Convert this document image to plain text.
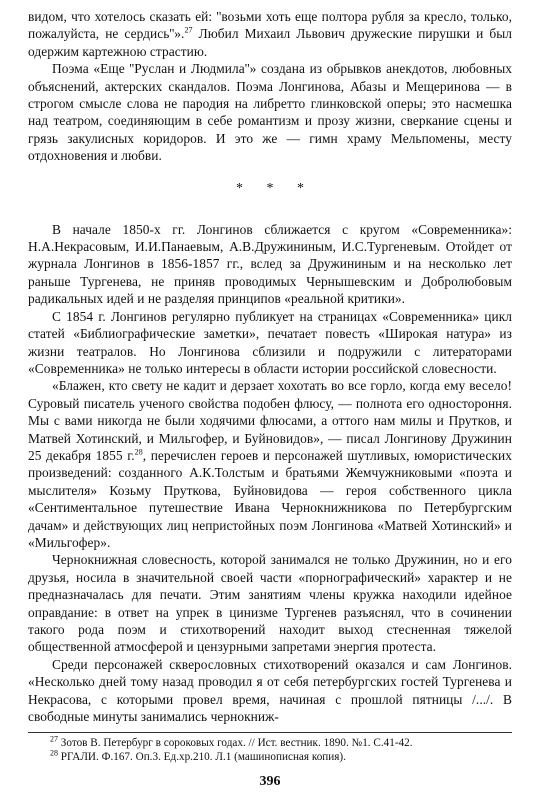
видом, что хотелось сказать ей: ''возьми хоть еще полтора рубля за кресло, только, пожалуйста, не сердись''».$^{27}$ Любил Михаил Львович дружеские пирушки и был одержим картежною страстию.

Поэма «Еще ''Руслан и Людмила''» создана из обрывков анекдотов, любовных объяснений, актерских скандалов. Поэма Лонгинова, Абазы и Мещеринова — в строгом смысле слова не пародия на либретто глинковской оперы; это насмешка над театром, соединяющим в себе романтизм и прозу жизни, сверкание сцены и грязь закулисных коридоров. И это же — гимн храму Мельпомены, месту отдохновения и любви.

* * *

В начале 1850-х гг. Лонгинов сближается с кругом «Современника»: Н.А.Некрасовым, И.И.Панаевым, А.В.Дружининым, И.С.Тургеневым. Отойдет от журнала Лонгинов в 1856-1857 гг., вслед за Дружининым и на несколько лет раньше Тургенева, не приняв проводимых Чернышевским и Добролюбовым радикальных идей и не разделяя принципов «реальной критики».

С 1854 г. Лонгинов регулярно публикует на страницах «Современника» цикл статей «Библиографические заметки», печатает повесть «Широкая натура» из жизни театралов. Но Лонгинова сблизили и подружили с литераторами «Современника» не только интересы в области истории российской словесности.

«Блажен, кто свету не кадит и дерзает хохотать во все горло, когда ему весело! Суровый писатель ученого свойства подобен флюсу, — полнота его одностороння. Мы с вами никогда не были ходячими флюсами, а оттого нам милы и Прутков, и Матвей Хотинский, и Мильгофер, и Буйновидов», — писал Лонгинову Дружинин 25 декабря 1855 г.$^{28}$, перечислен героев и персонажей шутливых, юмористических произведений: созданного А.К.Толстым и братьями Жемчужниковыми «поэта и мыслителя» Козьму Пруткова, Буйновидова — героя собственного цикла «Сентиментальное путешествие Ивана Чернокнижникова по Петербургским дачам» и действующих лиц непристойных поэм Лонгинова «Матвей Хотинский» и «Мильгофер».

Чернокнижная словесность, которой занимался не только Дружинин, но и его друзья, носила в значительной своей части «порнографический» характер и не предназначалась для печати. Этим занятиям члены кружка находили идейное оправдание: в ответ на упрек в цинизме Тургенев разъяснял, что в сочинении такого рода поэм и стихотворений находит выход стесненная тяжелой общественной атмосферой и цензурными запретами энергия протеста.

Среди персонажей скверословных стихотворений оказался и сам Лонгинов. «Несколько дней тому назад проводил я от себя петербургских гостей Тургенева и Некрасова, с которыми провел время, начиная с прошлой пятницы /.../. В свободные минуты занимались чернокниж-

$^{27}$ Зотов В. Петербург в сороковых годах. // Ист. вестник. 1890. №1. С.41-42.

$^{28}$ РГАЛИ. Ф.167. Оп.3. Ед.хр.210. Л.1 (машинописная копия).

396
